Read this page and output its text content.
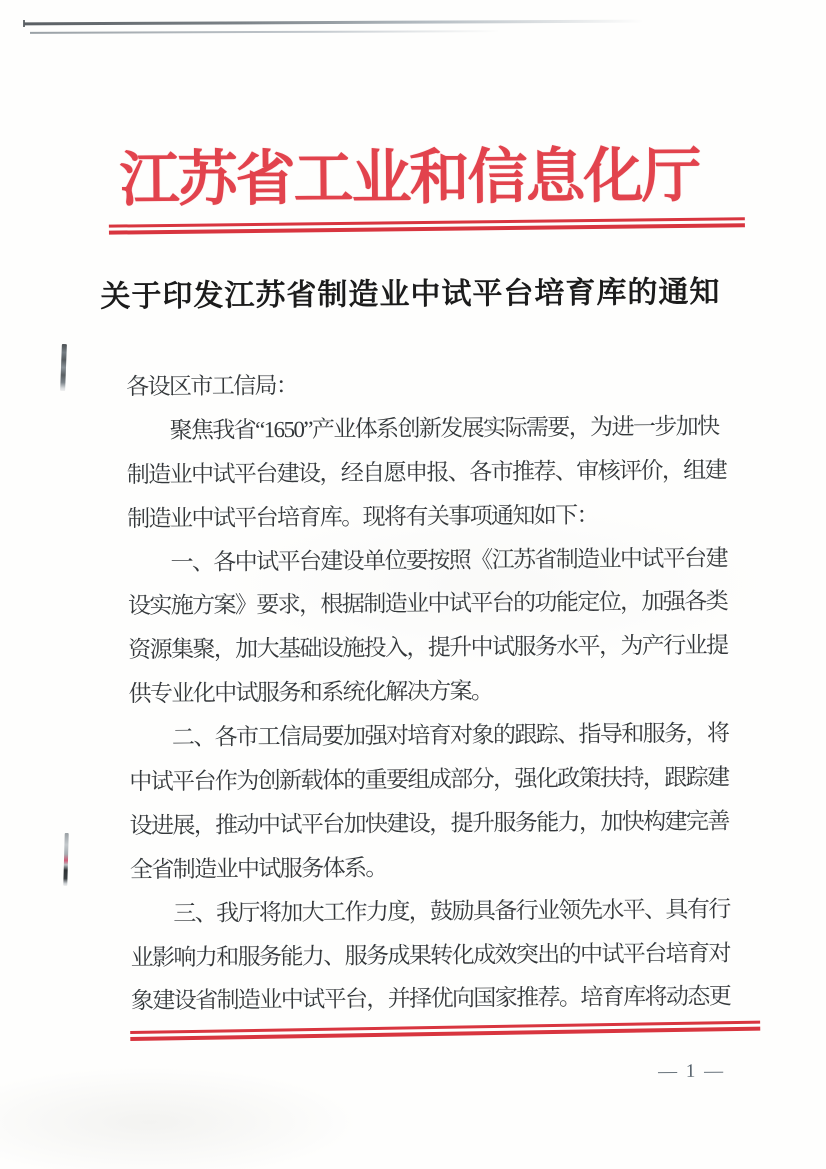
江苏省工业和信息化厅
关于印发江苏省制造业中试平台培育库的通知
各设区市工信局：
聚焦我省“1650”产业体系创新发展实际需要，为进一步加快
制造业中试平台建设，经自愿申报、各市推荐、审核评价，组建
制造业中试平台培育库。现将有关事项通知如下：
一、各中试平台建设单位要按照《江苏省制造业中试平台建
设实施方案》要求，根据制造业中试平台的功能定位，加强各类
资源集聚，加大基础设施投入，提升中试服务水平，为产行业提
供专业化中试服务和系统化解决方案。
二、各市工信局要加强对培育对象的跟踪、指导和服务，将
中试平台作为创新载体的重要组成部分，强化政策扶持，跟踪建
设进展，推动中试平台加快建设，提升服务能力，加快构建完善
全省制造业中试服务体系。
三、我厅将加大工作力度，鼓励具备行业领先水平、具有行
业影响力和服务能力、服务成果转化成效突出的中试平台培育对
象建设省制造业中试平台，并择优向国家推荐。培育库将动态更
— 1 —
